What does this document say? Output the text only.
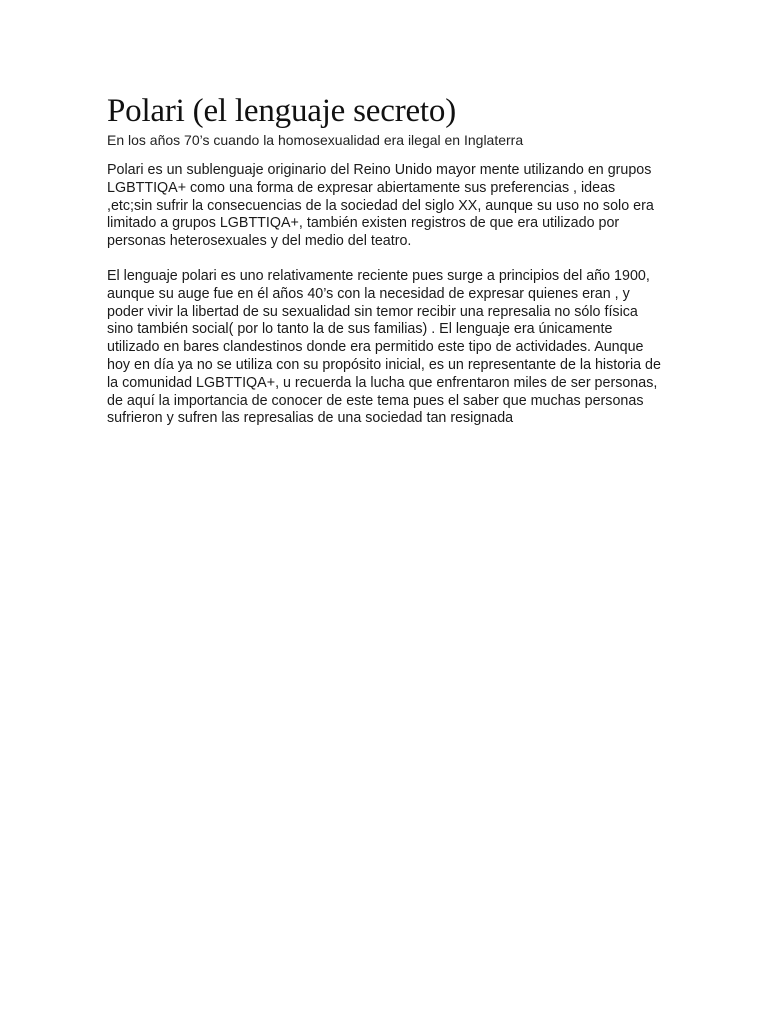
Polari (el lenguaje secreto)

En los años 70’s cuando la homosexualidad era ilegal en Inglaterra

Polari es un sublenguaje originario del Reino Unido mayor mente utilizando en grupos LGBTTIQA+ como una forma de expresar abiertamente sus preferencias , ideas ,etc;sin sufrir la consecuencias de la sociedad del siglo XX, aunque su uso no solo era limitado a grupos LGBTTIQA+, también existen registros de que era utilizado por personas heterosexuales y del medio del teatro.

El lenguaje polari es uno relativamente reciente pues surge a principios del año 1900, aunque su auge fue en él años 40’s con la necesidad de expresar quienes eran , y poder vivir la libertad de su sexualidad sin temor recibir una represalia no sólo física sino también social( por lo tanto la de sus familias) . El lenguaje era únicamente utilizado en bares clandestinos donde era permitido este tipo de actividades. Aunque hoy en día ya no se utiliza con su propósito inicial, es un representante de la historia de la comunidad LGBTTIQA+, u recuerda la lucha que enfrentaron miles de ser personas, de aquí la importancia de conocer de este tema pues el saber que muchas personas sufrieron y sufren las represalias de una sociedad tan resignada
